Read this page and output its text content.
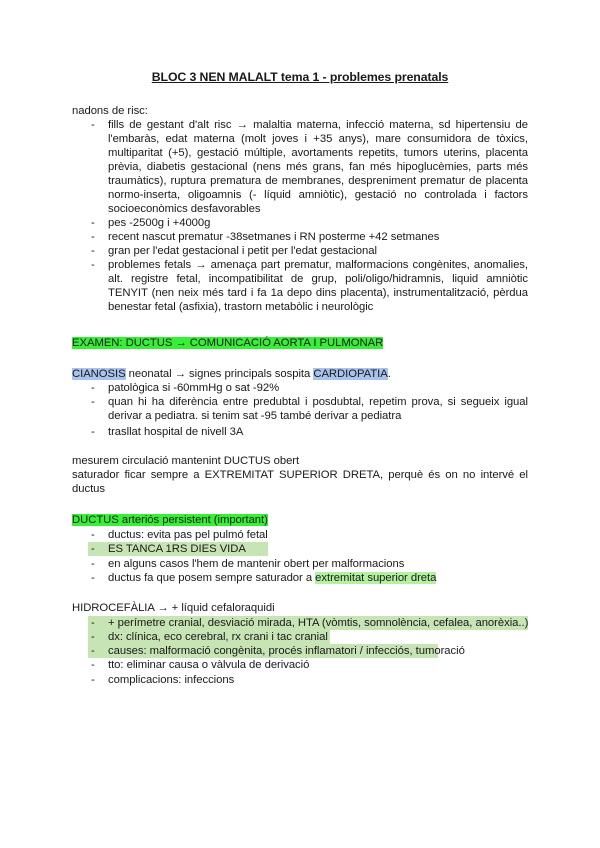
BLOC 3 NEN MALALT tema 1 - problemes prenatals
nadons de risc:
- fills de gestant d'alt risc → malaltia materna, infecció materna, sd hipertensiu de
l'embaràs, edat materna (molt joves i +35 anys), mare consumidora de tòxics,
multiparitat (+5), gestació múltiple, avortaments repetits, tumors uterins, placenta
prèvia, diabetis gestacional (nens més grans, fan més hipoglucèmies, parts més
traumàtics), ruptura prematura de membranes, despreniment prematur de placenta
normo-inserta, oligoamnis (- líquid amniòtic), gestació no controlada i factors
socioeconòmics desfavorables
- pes -2500g i +4000g
- recent nascut prematur -38setmanes i RN posterme +42 setmanes
- gran per l'edat gestacional i petit per l'edat gestacional
- problemes fetals → amenaça part prematur, malformacions congènites, anomalies,
alt. registre fetal, incompatibilitat de grup, poli/oligo/hidramnis, liquid amniòtic
TENYIT (nen neix més tard i fa 1a depo dins placenta), instrumentalització, pèrdua
benestar fetal (asfixia), trastorn metabòlic i neurològic
EXAMEN: DUCTUS → COMUNICACIÓ AORTA I PULMONAR
CIANOSIS neonatal → signes principals sospita CARDIOPATIA.
- patològica si -60mmHg o sat -92%
- quan hi ha diferència entre predubtal i posdubtal, repetim prova, si segueix igual
derivar a pediatra. si tenim sat -95 també derivar a pediatra
- trasllat hospital de nivell 3A
mesurem circulació mantenint DUCTUS obert
saturador ficar sempre a EXTREMITAT SUPERIOR DRETA, perquè és on no intervé el
ductus
DUCTUS arteriós persistent (important)
- ductus: evita pas pel pulmó fetal
- ES TANCA 1RS DIES VIDA
- en alguns casos l'hem de mantenir obert per malformacions
- ductus fa que posem sempre saturador a extremitat superior dreta
HIDROCEFÀLIA → + líquid cefaloraquidi
- + perímetre cranial, desviació mirada, HTA (vòmtis, somnolència, cefalea, anorèxia..)
- dx: clínica, eco cerebral, rx crani i tac cranial
- causes: malformació congènita, procés inflamatori / infecciós, tumoració
- tto: eliminar causa o vàlvula de derivació
- complicacions: infeccions
